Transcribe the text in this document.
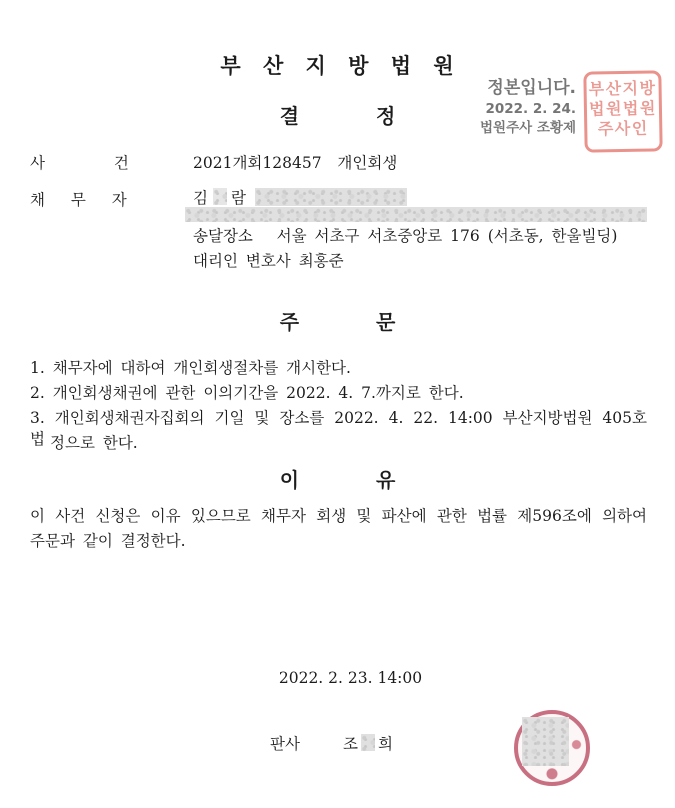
부 산 지 방 법 원
결 정
정본입니다.
2022. 2. 24.
법원주사 조황제
부산지방
법원법원
주사인
사 건	2021개회128457  개인회생
채 무 자	김 람
송달장소   서울 서초구 서초중앙로 176 (서초동, 한울빌딩)
대리인 변호사 최홍준
주 문
1. 채무자에 대하여 개인회생절차를 개시한다.
2. 개인회생채권에 관한 이의기간을 2022. 4. 7.까지로 한다.
3. 개인회생채권자집회의 기일 및 장소를 2022. 4. 22. 14:00 부산지방법원 405호 법 정으로 한다.
이 유
이 사건 신청은 이유 있으므로 채무자 회생 및 파산에 관한 법률 제596조에 의하여
주문과 같이 결정한다.
2022. 2. 23. 14:00
판사	조 희
